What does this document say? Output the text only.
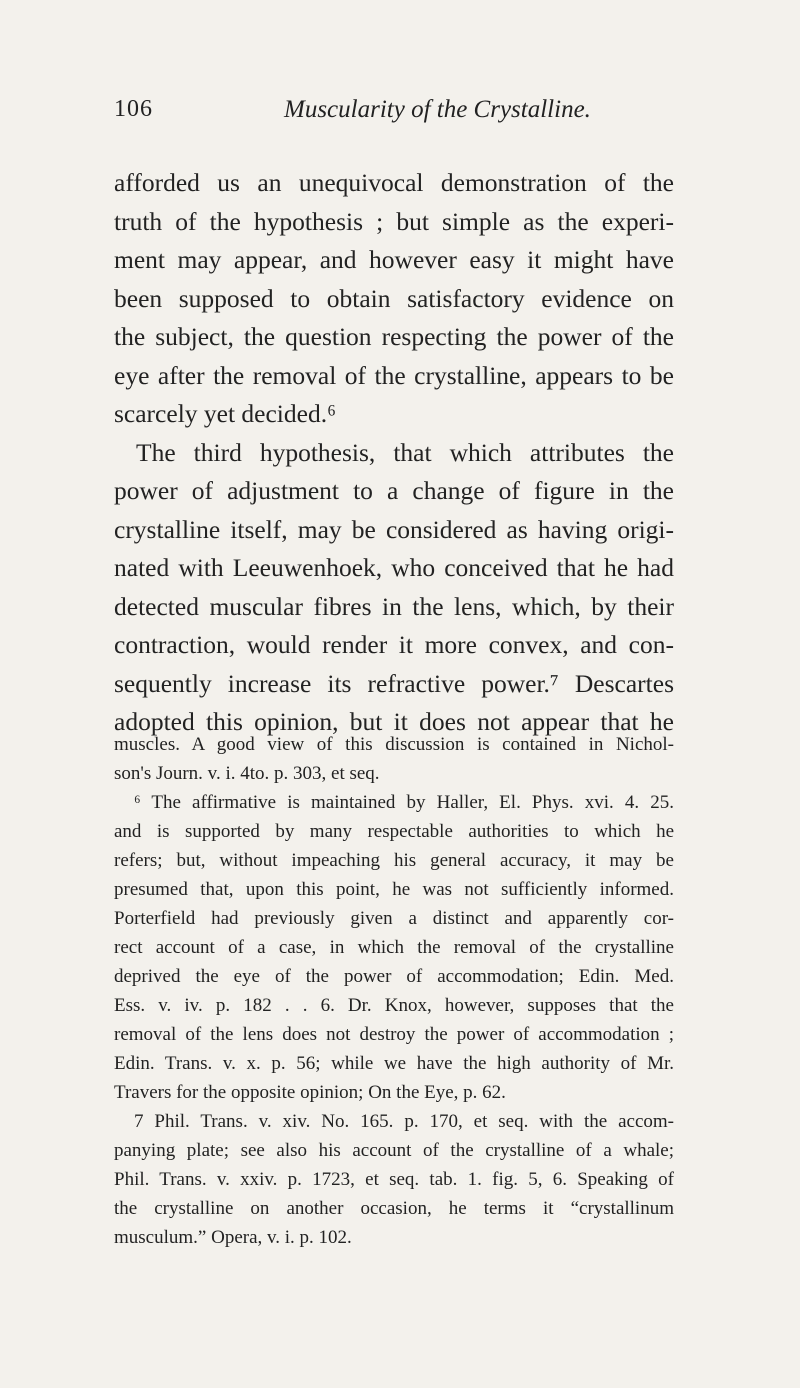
106	Muscularity of the Crystalline.
afforded us an unequivocal demonstration of the
truth of the hypothesis ; but simple as the experi-
ment may appear, and however easy it might have
been supposed to obtain satisfactory evidence on
the subject, the question respecting the power of the
eye after the removal of the crystalline, appears to be
scarcely yet decided.⁶
The third hypothesis, that which attributes the
power of adjustment to a change of figure in the
crystalline itself, may be considered as having origi-
nated with Leeuwenhoek, who conceived that he had
detected muscular fibres in the lens, which, by their
contraction, would render it more convex, and con-
sequently increase its refractive power.⁷ Descartes
adopted this opinion, but it does not appear that he
muscles. A good view of this discussion is contained in Nichol-
son's Journ. v. i. 4to. p. 303, et seq.
⁶ The affirmative is maintained by Haller, El. Phys. xvi. 4. 25.
and is supported by many respectable authorities to which he
refers; but, without impeaching his general accuracy, it may be
presumed that, upon this point, he was not sufficiently informed.
Porterfield had previously given a distinct and apparently cor-
rect account of a case, in which the removal of the crystalline
deprived the eye of the power of accommodation; Edin. Med.
Ess. v. iv. p. 182 . . 6. Dr. Knox, however, supposes that the
removal of the lens does not destroy the power of accommodation ;
Edin. Trans. v. x. p. 56; while we have the high authority of Mr.
Travers for the opposite opinion; On the Eye, p. 62.
7 Phil. Trans. v. xiv. No. 165. p. 170, et seq. with the accom-
panying plate; see also his account of the crystalline of a whale;
Phil. Trans. v. xxiv. p. 1723, et seq. tab. 1. fig. 5, 6. Speaking of
the crystalline on another occasion, he terms it “crystallinum
musculum.” Opera, v. i. p. 102.
